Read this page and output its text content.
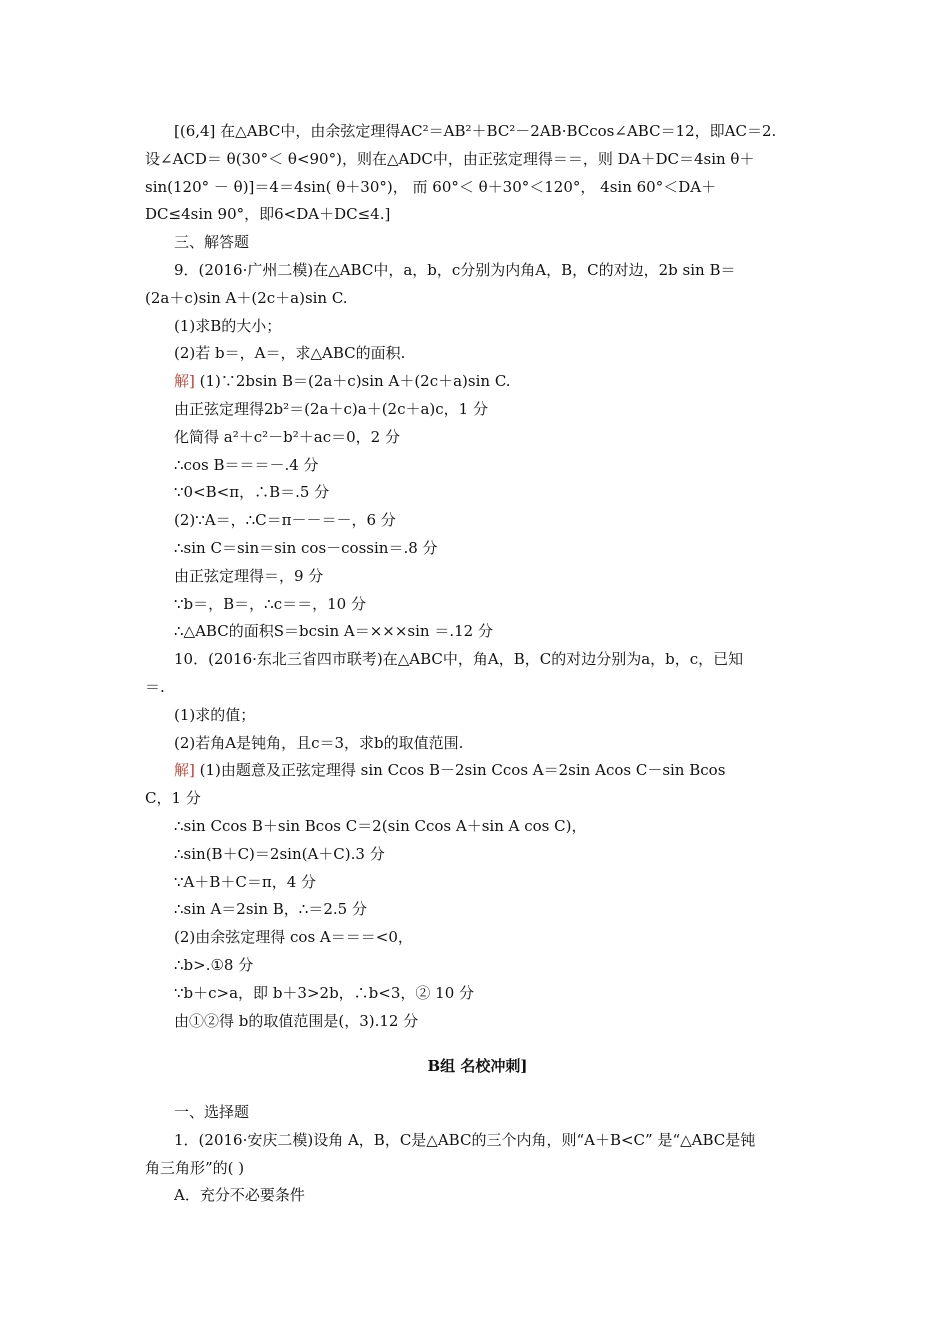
[(6,4] 在△ABC中，由余弦定理得AC²＝AB²＋BC²－2AB·BCcos∠ABC＝12，即AC＝2.
设∠ACD＝ θ(30°＜ θ<90°)，则在△ADC中，由正弦定理得＝＝，则 DA＋DC＝4sin θ＋
sin(120° － θ)]＝4＝4sin( θ＋30°)， 而 60°＜ θ＋30°＜120°， 4sin 60°＜DA＋
DC≤4sin 90°，即6<DA＋DC≤4.]
三、解答题
9．(2016·广州二模)在△ABC中，a，b，c分别为内角A，B，C的对边，2b sin B＝
(2a＋c)sin A＋(2c＋a)sin C.
(1)求B的大小；
(2)若 b＝，A＝，求△ABC的面积.
解] (1)∵2bsin B＝(2a＋c)sin A＋(2c＋a)sin C.
由正弦定理得2b²＝(2a＋c)a＋(2c＋a)c，1 分
化简得 a²＋c²－b²＋ac＝0，2 分
∴cos B＝＝＝－.4 分
∵0<B<π，∴B＝.5 分
(2)∵A＝，∴C＝π－－＝－，6 分
∴sin C＝sin＝sin cos－cossin＝.8 分
由正弦定理得＝，9 分
∵b＝，B＝，∴c＝＝，10 分
∴△ABC的面积S＝bcsin A＝×××sin ＝.12 分
10．(2016·东北三省四市联考)在△ABC中，角A，B，C的对边分别为a，b，c，已知
＝.
(1)求的值；
(2)若角A是钝角，且c＝3，求b的取值范围.
解] (1)由题意及正弦定理得 sin Ccos B－2sin Ccos A＝2sin Acos C－sin Bcos
C，1 分
∴sin Ccos B＋sin Bcos C＝2(sin Ccos A＋sin A cos C)，
∴sin(B＋C)＝2sin(A＋C).3 分
∵A＋B＋C＝π，4 分
∴sin A＝2sin B，∴＝2.5 分
(2)由余弦定理得 cos A＝＝＝<0，
∴b>.①8 分
∵b＋c>a，即 b＋3>2b，∴b<3，② 10 分
由①②得 b的取值范围是(，3).12 分
B组 名校冲刺]
一、选择题
1．(2016·安庆二模)设角 A，B，C是△ABC的三个内角，则“A＋B<C” 是“△ABC是钝
角三角形”的( )
A．充分不必要条件
